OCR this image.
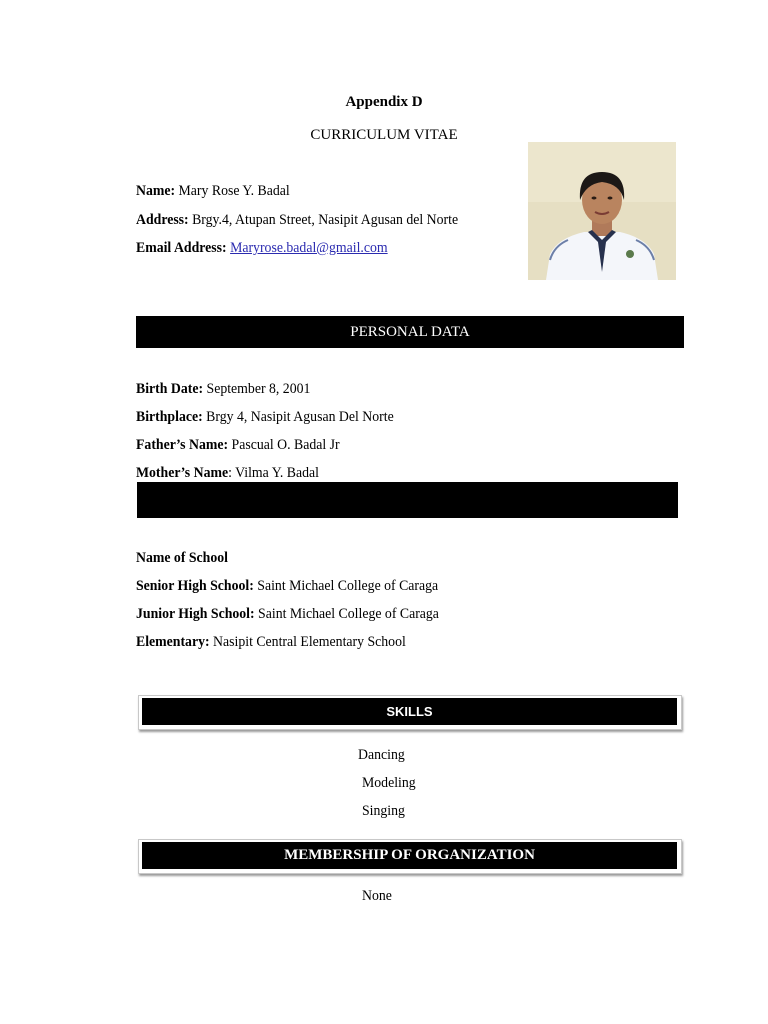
Appendix D
CURRICULUM VITAE
Name: Mary Rose Y. Badal
Address: Brgy.4, Atupan Street, Nasipit Agusan del Norte
Email Address: Maryrose.badal@gmail.com
PERSONAL DATA
Birth Date: September 8, 2001
Birthplace: Brgy 4, Nasipit Agusan Del Norte
Father’s Name: Pascual O. Badal Jr
Mother’s Name: Vilma Y. Badal
Name of School
Senior High School: Saint Michael College of Caraga
Junior High School: Saint Michael College of Caraga
Elementary: Nasipit Central Elementary School
SKILLS
Dancing
Modeling
Singing
MEMBERSHIP OF ORGANIZATION
None
